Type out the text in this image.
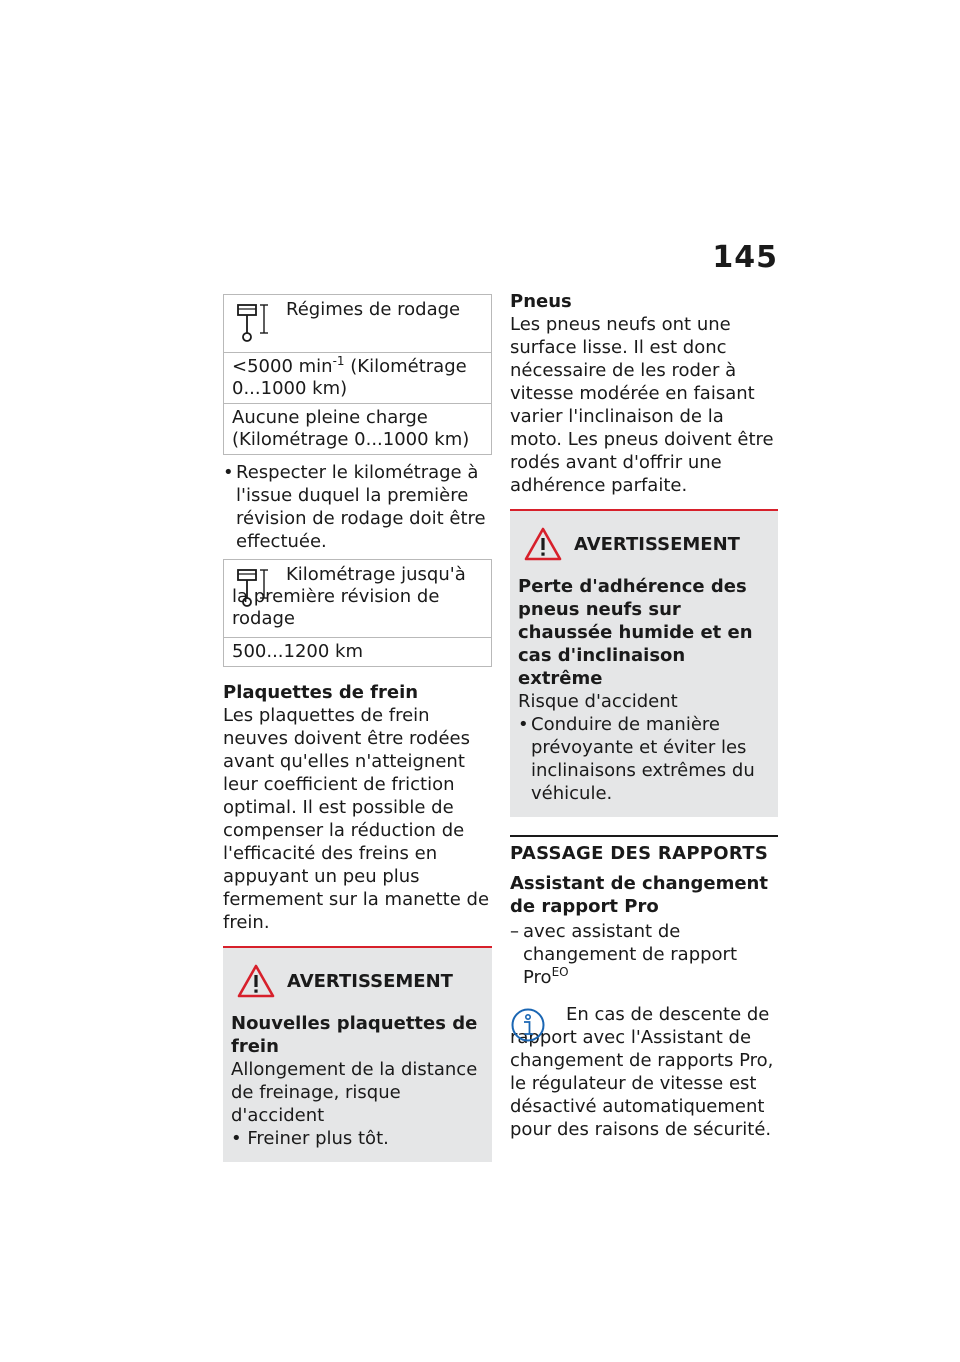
145
Régimes de rodage
<5000 $\min^{-1}$ (Kilométrage 0...1000 km)
Aucune pleine charge (Kilométrage 0...1000 km)
• Respecter le kilométrage à l'issue duquel la première révision de rodage doit être effectuée.
Kilométrage jusqu'à la première révision de rodage
500...1200 km
Plaquettes de frein
Les plaquettes de frein neuves doivent être rodées avant qu'elles n'atteignent leur coefficient de friction optimal. Il est possible de compenser la réduction de l'efficacité des freins en appuyant un peu plus fermement sur la manette de frein.
AVERTISSEMENT
Nouvelles plaquettes de frein
Allongement de la distance de freinage, risque d'accident
• Freiner plus tôt.
Pneus
Les pneus neufs ont une surface lisse. Il est donc nécessaire de les roder à vitesse modérée en faisant varier l'inclinaison de la moto. Les pneus doivent être rodés avant d'offrir une adhérence parfaite.
AVERTISSEMENT
Perte d'adhérence des pneus neufs sur chaussée humide et en cas d'inclinaison extrême
Risque d'accident
• Conduire de manière prévoyante et éviter les inclinaisons extrêmes du véhicule.
PASSAGE DES RAPPORTS
Assistant de changement de rapport Pro
– avec assistant de changement de rapport Pro$^{EO}$
En cas de descente de rapport avec l'Assistant de changement de rapports Pro, le régulateur de vitesse est désactivé automatiquement pour des raisons de sécurité.
